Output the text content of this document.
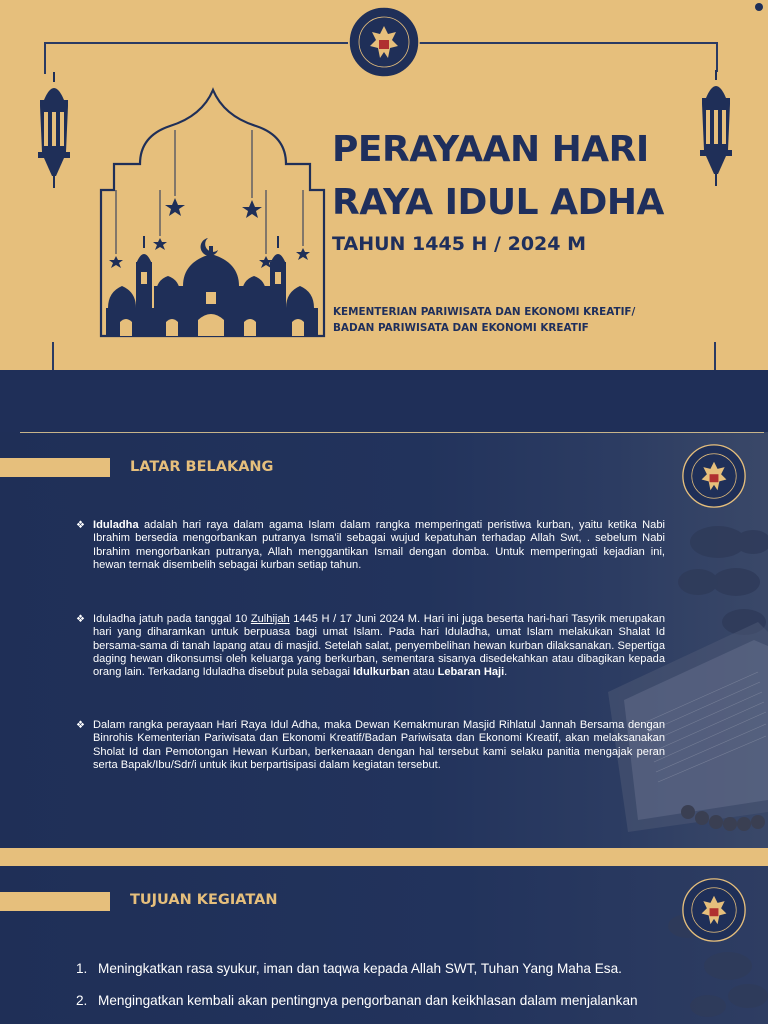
PERAYAAN HARI
RAYA IDUL ADHA
TAHUN 1445 H / 2024 M
KEMENTERIAN PARIWISATA DAN EKONOMI KREATIF/
BADAN PARIWISATA DAN EKONOMI KREATIF
LATAR BELAKANG
❖ Iduladha adalah hari raya dalam agama Islam dalam rangka memperingati peristiwa kurban, yaitu ketika Nabi Ibrahim bersedia mengorbankan putranya Isma'il sebagai wujud kepatuhan terhadap Allah Swt, . sebelum Nabi Ibrahim mengorbankan putranya, Allah menggantikan Ismail dengan domba. Untuk memperingati kejadian ini, hewan ternak disembelih sebagai kurban setiap tahun.
❖ Iduladha jatuh pada tanggal 10 Zulhijah 1445 H / 17 Juni 2024 M. Hari ini juga beserta hari-hari Tasyrik merupakan hari yang diharamkan untuk berpuasa bagi umat Islam. Pada hari Iduladha, umat Islam melakukan Shalat Id bersama-sama di tanah lapang atau di masjid. Setelah salat, penyembelihan hewan kurban dilaksanakan. Sepertiga daging hewan dikonsumsi oleh keluarga yang berkurban, sementara sisanya disedekahkan atau dibagikan kepada orang lain. Terkadang Iduladha disebut pula sebagai Idulkurban atau Lebaran Haji.
❖ Dalam rangka perayaan Hari Raya Idul Adha, maka Dewan Kemakmuran Masjid Rihlatul Jannah Bersama dengan Binrohis Kementerian Pariwisata dan Ekonomi Kreatif/Badan Pariwisata dan Ekonomi Kreatif, akan melaksanakan Sholat Id dan Pemotongan Hewan Kurban, berkenaaan dengan hal tersebut kami selaku panitia mengajak peran serta Bapak/Ibu/Sdr/i untuk ikut berpartisipasi dalam kegiatan tersebut.
TUJUAN KEGIATAN
1. Meningkatkan rasa syukur, iman dan taqwa kepada Allah SWT, Tuhan Yang Maha Esa.
2. Mengingatkan kembali akan pentingnya pengorbanan dan keikhlasan dalam menjalankan
